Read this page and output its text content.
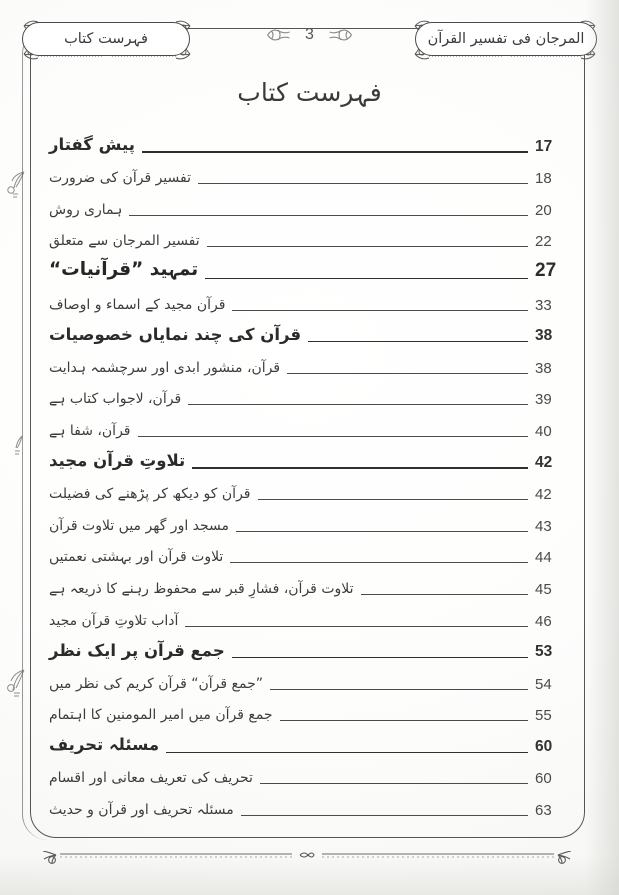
المرجان فی تفسیر القرآن
فہرست کتاب	3
فہرست کتاب
پیش گفتار	17
تفسیر قرآن کی ضرورت	18
ہماری روش	20
تفسیر المرجان سے متعلق	22
تمہید ”قرآنیات“	27
قرآن مجید کے اسماء و اوصاف	33
قرآن کی چند نمایاں خصوصیات	38
قرآن، منشور ابدی اور سرچشمہ ہدایت	38
قرآن، لاجواب کتاب ہے	39
قرآن، شفا ہے	40
تلاوتِ قرآن مجید	42
قرآن کو دیکھ کر پڑھنے کی فضیلت	42
مسجد اور گھر میں تلاوت قرآن	43
تلاوت قرآن اور بہشتی نعمتیں	44
تلاوت قرآن، فشارِ قبر سے محفوظ رہنے کا ذریعہ ہے	45
آداب تلاوتِ قرآن مجید	46
جمع قرآن پر ایک نظر	53
”جمع قرآن“ قرآن کریم کی نظر میں	54
جمع قرآن میں امیر المومنین کا اہتمام	55
مسئلہ تحریف	60
تحریف کی تعریف معانی اور اقسام	60
مسئلہ تحریف اور قرآن و حدیث	63
